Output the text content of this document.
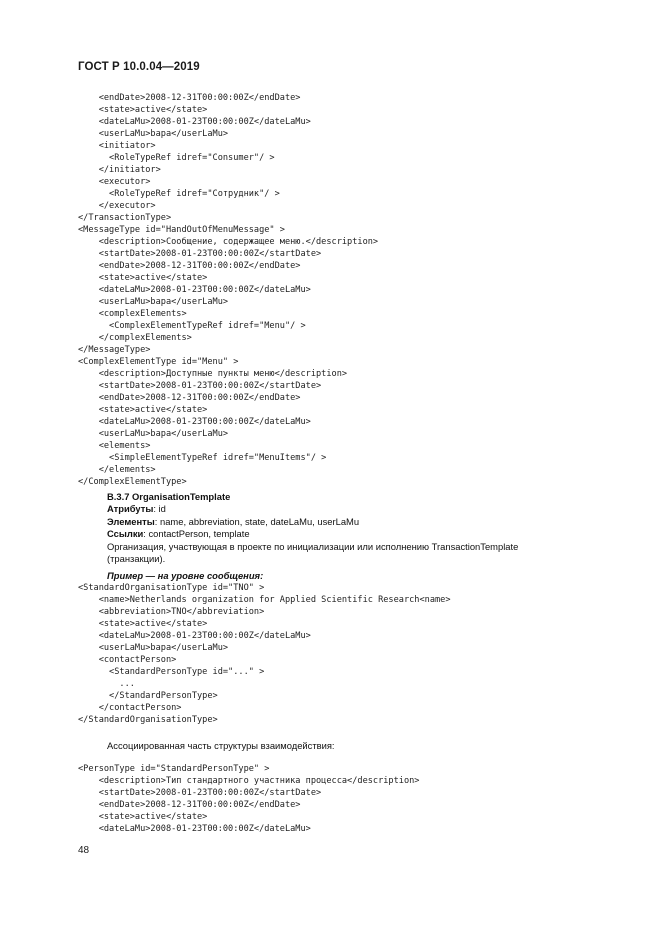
ГОСТ Р 10.0.04—2019
<endDate>2008-12-31T00:00:00Z</endDate>
<state>active</state>
<dateLaMu>2008-01-23T00:00:00Z</dateLaMu>
<userLaMu>bapa</userLaMu>
<initiator>
<RoleTypeRef idref="Consumer"/ >
</initiator>
<executor>
<RoleTypeRef idref="Сотрудник"/ >
</executor>
</TransactionType>
<MessageType id="HandOutOfMenuMessage" >
<description>Сообщение, содержащее меню.</description>
<startDate>2008-01-23T00:00:00Z</startDate>
<endDate>2008-12-31T00:00:00Z</endDate>
<state>active</state>
<dateLaMu>2008-01-23T00:00:00Z</dateLaMu>
<userLaMu>bapa</userLaMu>
<complexElements>
<ComplexElementTypeRef idref="Menu"/ >
</complexElements>
</MessageType>
<ComplexElementType id="Menu" >
<description>Доступные пункты меню</description>
<startDate>2008-01-23T00:00:00Z</startDate>
<endDate>2008-12-31T00:00:00Z</endDate>
<state>active</state>
<dateLaMu>2008-01-23T00:00:00Z</dateLaMu>
<userLaMu>bapa</userLaMu>
<elements>
<SimpleElementTypeRef idref="MenuItems"/ >
</elements>
</ComplexElementType>
B.3.7 OrganisationTemplate
Атрибуты: id
Элементы: name, abbreviation, state, dateLaMu, userLaMu
Ссылки: contactPerson, template
Организация, участвующая в проекте по инициализации или исполнению TransactionTemplate (транзакции).
Пример — на уровне сообщения:
<StandardOrganisationType id="TNO" >
<name>Netherlands organization for Applied Scientific Research<name>
<abbreviation>TNO</abbreviation>
<state>active</state>
<dateLaMu>2008-01-23T00:00:00Z</dateLaMu>
<userLaMu>bapa</userLaMu>
<contactPerson>
<StandardPersonType id="..." >
...
</StandardPersonType>
</contactPerson>
</StandardOrganisationType>
Ассоциированная часть структуры взаимодействия:
<PersonType id="StandardPersonType" >
<description>Тип стандартного участника процесса</description>
<startDate>2008-01-23T00:00:00Z</startDate>
<endDate>2008-12-31T00:00:00Z</endDate>
<state>active</state>
<dateLaMu>2008-01-23T00:00:00Z</dateLaMu>
48
